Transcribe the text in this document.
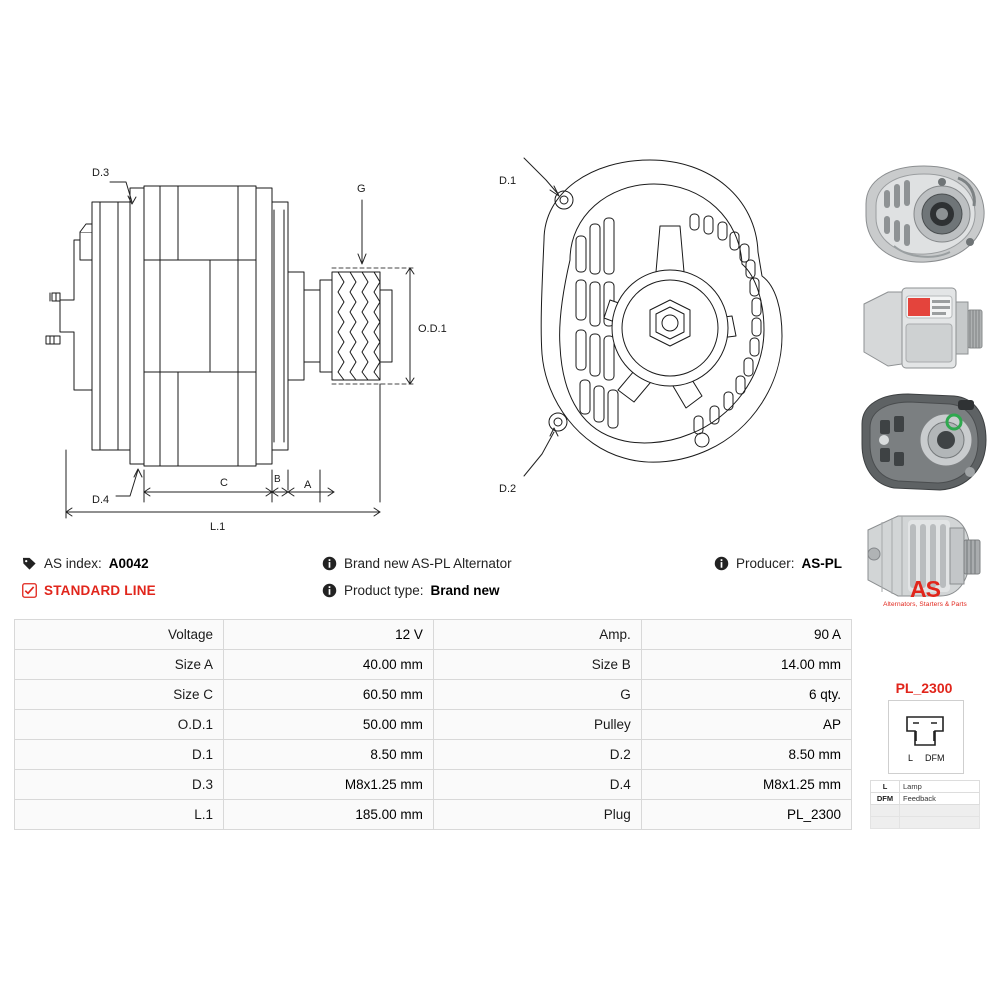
D.3
D.4
G
O.D.1
C	B A
L.1
D.1
D.2
AS index: A0042
STANDARD LINE
Brand new AS-PL Alternator
Product type: Brand new
Producer: AS-PL
Voltage	12 V	Amp.	90 A
Size A	40.00 mm	Size B	14.00 mm
Size C	60.50 mm	G	6 qty.
O.D.1	50.00 mm	Pulley	AP
D.1	8.50 mm	D.2	8.50 mm
D.3	M8x1.25 mm	D.4	M8x1.25 mm
L.1	185.00 mm	Plug	PL_2300
AS
Alternators, Starters & Parts
PL_2300
L DFM
L	Lamp
DFM	Feedback
